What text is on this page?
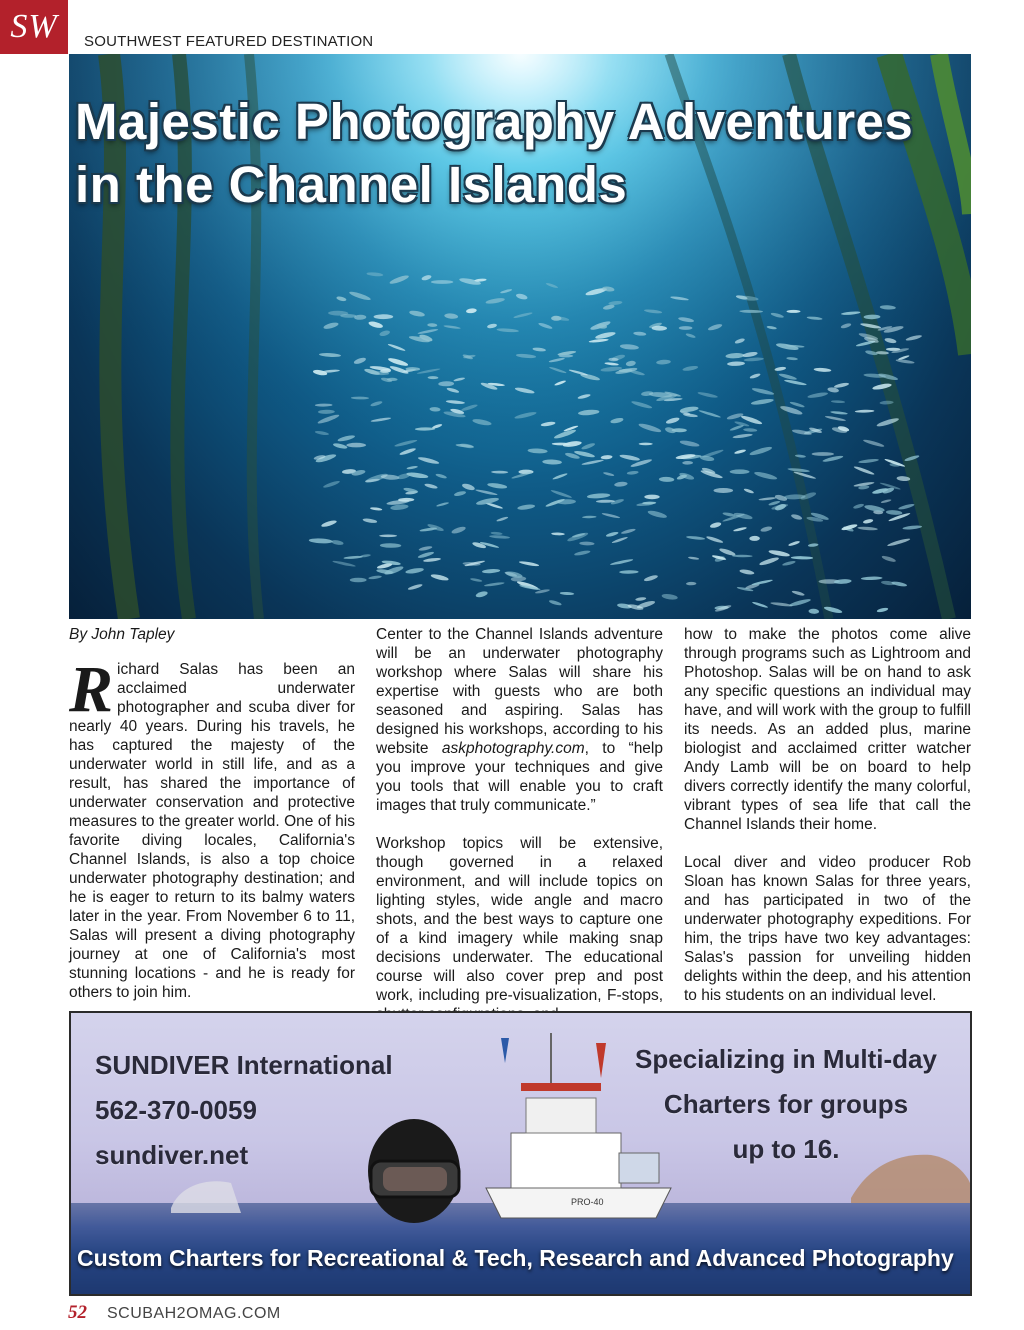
SW	SOUTHWEST FEATURED DESTINATION
Majestic Photography Adventures
in the Channel Islands

By John Tapley

Richard Salas has been an acclaimed underwater photographer and scuba diver for nearly 40 years. During his travels, he has captured the majesty of the underwater world in still life, and as a result, has shared the importance of underwater conservation and protective measures to the greater world. One of his favorite diving locales, California's Channel Islands, is also a top choice underwater photography destination; and he is eager to return to its balmy waters later in the year. From November 6 to 11, Salas will present a diving photography journey at one of California's most stunning locations - and he is ready for others to join him.

Center to the Channel Islands adventure will be an underwater photography workshop where Salas will share his expertise with guests who are both seasoned and aspiring. Salas has designed his workshops, according to his website askphotography.com, to “help you improve your techniques and give you tools that will enable you to craft images that truly communicate.”

Workshop topics will be extensive, though governed in a relaxed environment, and will include topics on lighting styles, wide angle and macro shots, and the best ways to capture one of a kind imagery while making snap decisions underwater. The educational course will also cover prep and post work, including pre-visualization, F-stops,

how to make the photos come alive through programs such as Lightroom and Photoshop. Salas will be on hand to ask any specific questions an individual may have, and will work with the group to fulfill its needs. As an added plus, marine biologist and acclaimed critter watcher Andy Lamb will be on board to help divers correctly identify the many colorful, vibrant types of sea life that call the Channel Islands their home.

Local diver and video producer Rob Sloan has known Salas for three years, and has participated in two of the underwater photography expeditions. For him, the trips have two key advantages: Salas's passion for unveiling hidden delights within the deep, and his attention to his students on an individual level.

PRO-40
SUNDIVER International
562-370-0059
sundiver.net
Specializing in Multi-day
Charters for groups
up to 16.
Custom Charters for Recreational & Tech, Research and Advanced Photography
52 SCUBAH2OMAG.COM
